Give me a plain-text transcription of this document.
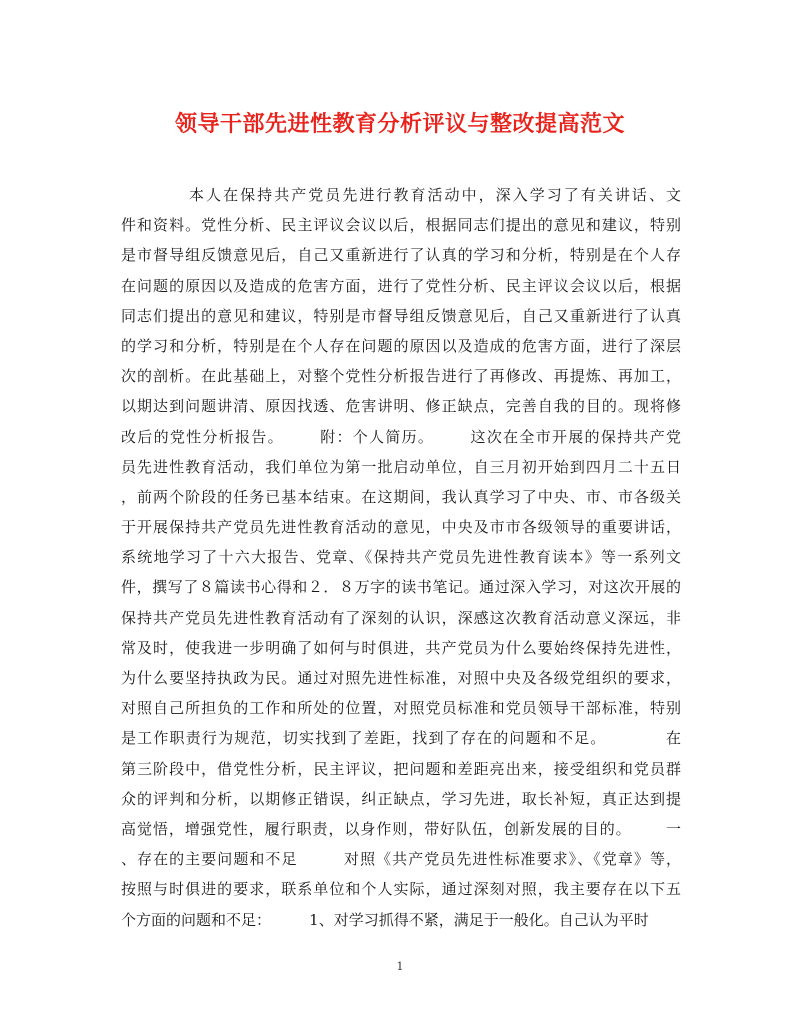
领导干部先进性教育分析评议与整改提高范文
本人在保持共产党员先进行教育活动中，深入学习了有关讲话、文
件和资料。党性分析、民主评议会议以后，根据同志们提出的意见和建议，特别
是市督导组反馈意见后，自己又重新进行了认真的学习和分析，特别是在个人存
在问题的原因以及造成的危害方面，进行了党性分析、民主评议会议以后，根据
同志们提出的意见和建议，特别是市督导组反馈意见后，自己又重新进行了认真
的学习和分析，特别是在个人存在问题的原因以及造成的危害方面，进行了深层
次的剖析。在此基础上，对整个党性分析报告进行了再修改、再提炼、再加工，
以期达到问题讲清、原因找透、危害讲明、修正缺点，完善自我的目的。现将修
改后的党性分析报告。      附：个人简历。      这次在全市开展的保持共产党
员先进性教育活动，我们单位为第一批启动单位，自三月初开始到四月二十五日
，前两个阶段的任务已基本结束。在这期间，我认真学习了中央、市、市各级关
于开展保持共产党员先进性教育活动的意见，中央及市市各级领导的重要讲话，
系统地学习了十六大报告、党章、《保持共产党员先进性教育读本》等一系列文
件，撰写了８篇读书心得和２．８万字的读书笔记。通过深入学习，对这次开展的
保持共产党员先进性教育活动有了深刻的认识，深感这次教育活动意义深远，非
常及时，使我进一步明确了如何与时俱进，共产党员为什么要始终保持先进性，
为什么要坚持执政为民。通过对照先进性标准，对照中央及各级党组织的要求，
对照自己所担负的工作和所处的位置，对照党员标准和党员领导干部标准，特别
是工作职责行为规范，切实找到了差距，找到了存在的问题和不足。          在
第三阶段中，借党性分析，民主评议，把问题和差距亮出来，接受组织和党员群
众的评判和分析，以期修正错误，纠正缺点，学习先进，取长补短，真正达到提
高觉悟，增强党性，履行职责，以身作则，带好队伍，创新发展的目的。      一
、存在的主要问题和不足        对照《共产党员先进性标准要求》、《党章》等，
按照与时俱进的要求，联系单位和个人实际，通过深刻对照，我主要存在以下五
个方面的问题和不足：        1、对学习抓得不紧，满足于一般化。自己认为平时
1
